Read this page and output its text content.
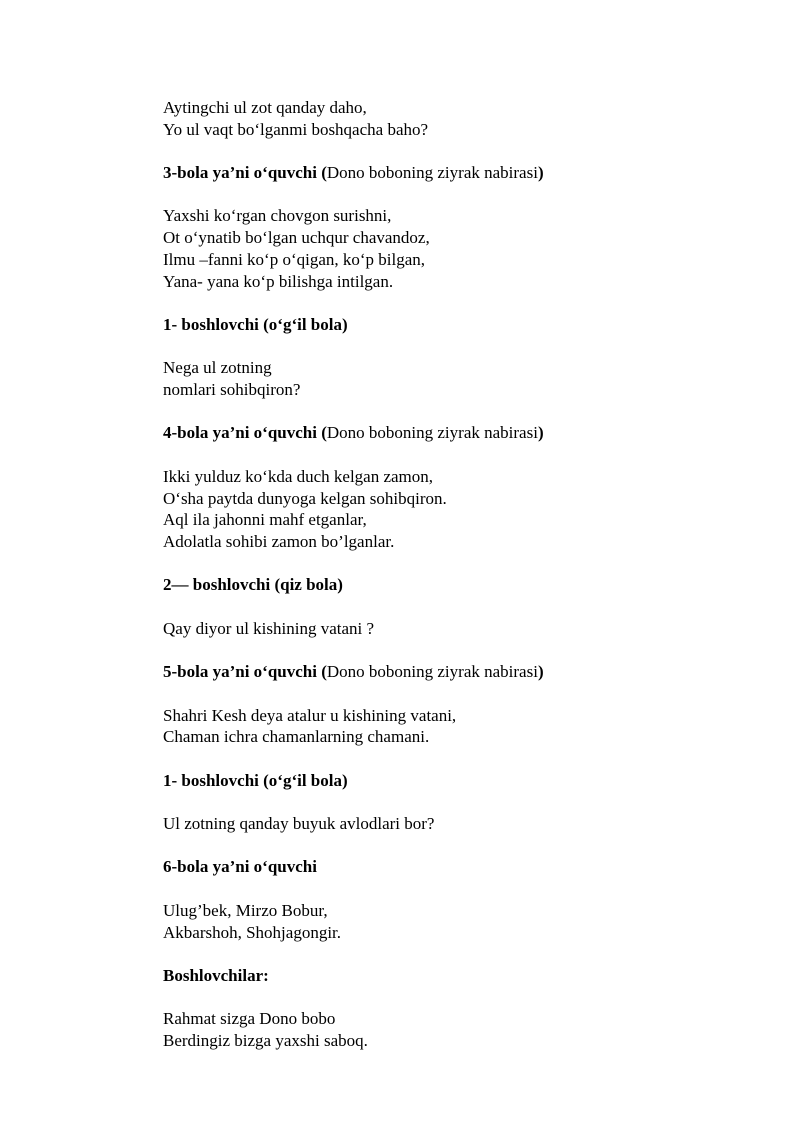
Aytingchi ul zot qanday daho,
Yo ul vaqt bo‘lganmi boshqacha baho?
3-bola ya’ni o‘quvchi (Dono boboning ziyrak nabirasi)
Yaxshi ko‘rgan chovgon surishni,
Ot o‘ynatib bo‘lgan uchqur chavandoz,
Ilmu –fanni ko‘p o‘qigan, ko‘p bilgan,
Yana- yana ko‘p bilishga intilgan.
1- boshlovchi (o‘g‘il bola)
Nega ul zotning
nomlari sohibqiron?
4-bola ya’ni o‘quvchi (Dono boboning ziyrak nabirasi)
Ikki yulduz ko‘kda duch kelgan zamon,
O‘sha paytda dunyoga kelgan sohibqiron.
Aql ila jahonni mahf etganlar,
Adolatla sohibi zamon bo’lganlar.
2— boshlovchi (qiz bola)
Qay diyor ul kishining vatani ?
5-bola ya’ni o‘quvchi (Dono boboning ziyrak nabirasi)
Shahri Kesh deya atalur u kishining vatani,
Chaman ichra chamanlarning chamani.
1- boshlovchi (o‘g‘il bola)
Ul zotning qanday buyuk avlodlari bor?
6-bola ya’ni o‘quvchi
Ulug’bek, Mirzo Bobur,
Akbarshoh, Shohjagongir.
Boshlovchilar:
Rahmat sizga Dono bobo
Berdingiz bizga yaxshi saboq.
